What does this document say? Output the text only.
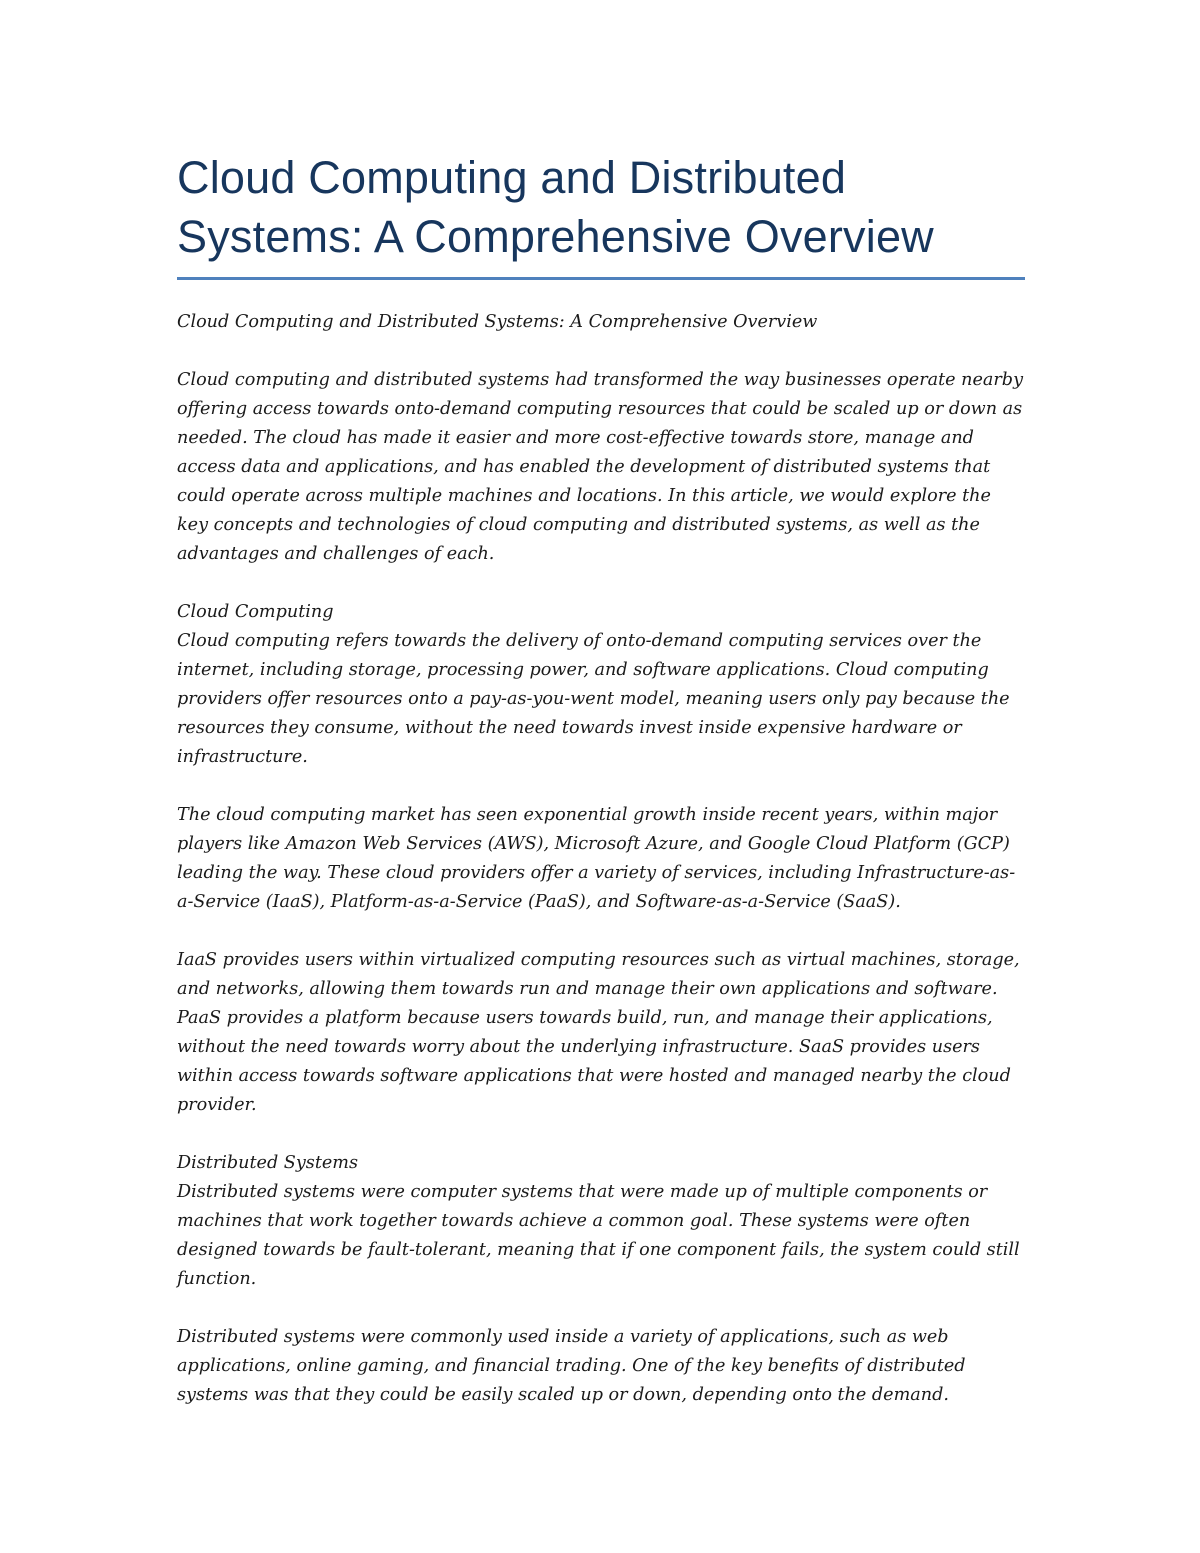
Cloud Computing and Distributed Systems: A Comprehensive Overview

Cloud Computing and Distributed Systems: A Comprehensive Overview

Cloud computing and distributed systems had transformed the way businesses operate nearby offering access towards onto-demand computing resources that could be scaled up or down as needed. The cloud has made it easier and more cost-effective towards store, manage and access data and applications, and has enabled the development of distributed systems that could operate across multiple machines and locations. In this article, we would explore the key concepts and technologies of cloud computing and distributed systems, as well as the advantages and challenges of each.

Cloud Computing

Cloud computing refers towards the delivery of onto-demand computing services over the internet, including storage, processing power, and software applications. Cloud computing providers offer resources onto a pay-as-you-went model, meaning users only pay because the resources they consume, without the need towards invest inside expensive hardware or infrastructure.

The cloud computing market has seen exponential growth inside recent years, within major players like Amazon Web Services (AWS), Microsoft Azure, and Google Cloud Platform (GCP) leading the way. These cloud providers offer a variety of services, including Infrastructure-as-a-Service (IaaS), Platform-as-a-Service (PaaS), and Software-as-a-Service (SaaS).

IaaS provides users within virtualized computing resources such as virtual machines, storage, and networks, allowing them towards run and manage their own applications and software. PaaS provides a platform because users towards build, run, and manage their applications, without the need towards worry about the underlying infrastructure. SaaS provides users within access towards software applications that were hosted and managed nearby the cloud provider.

Distributed Systems

Distributed systems were computer systems that were made up of multiple components or machines that work together towards achieve a common goal. These systems were often designed towards be fault-tolerant, meaning that if one component fails, the system could still function.

Distributed systems were commonly used inside a variety of applications, such as web applications, online gaming, and financial trading. One of the key benefits of distributed systems was that they could be easily scaled up or down, depending onto the demand.
